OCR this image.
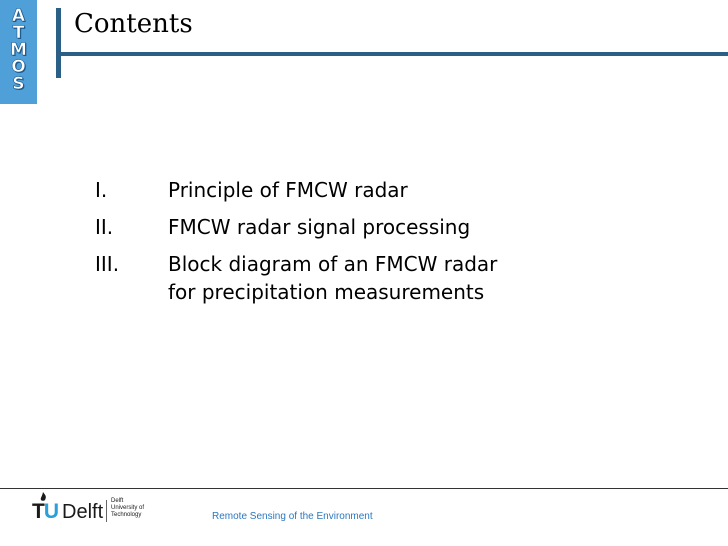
A
T
M
O
S
Contents
I.	Principle of FMCW radar
II.	FMCW radar signal processing
III.	Block diagram of an FMCW radar
for precipitation measurements
TU Delft Delft
University of
Technology	Remote Sensing of the Environment
